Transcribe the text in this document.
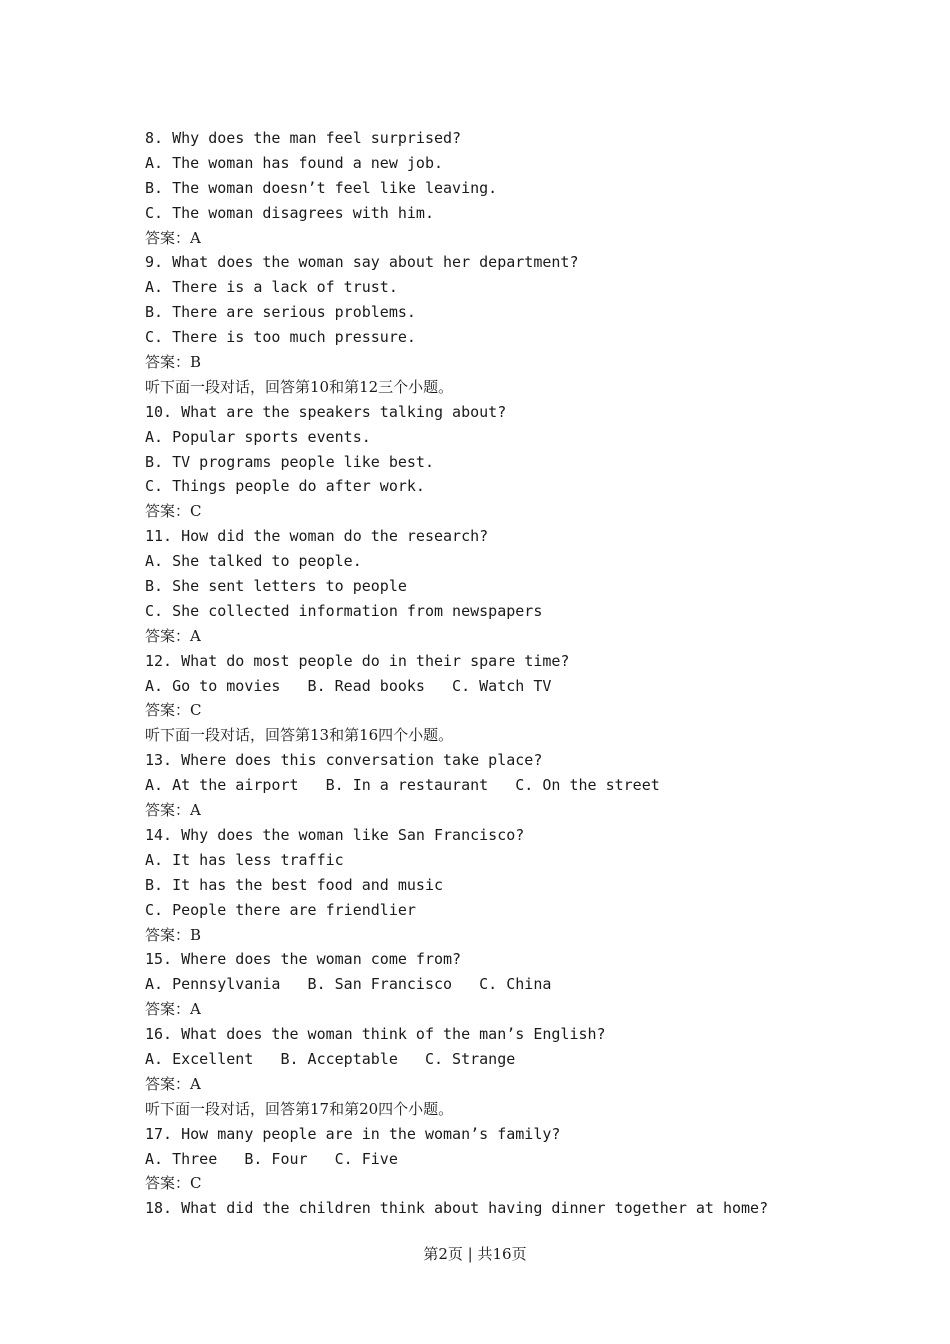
8. Why does the man feel surprised?
A. The woman has found a new job.
B. The woman doesn’t feel like leaving.
C. The woman disagrees with him.
答案：A
9. What does the woman say about her department?
A. There is a lack of trust.
B. There are serious problems.
C. There is too much pressure.
答案：B
听下面一段对话，回答第10和第12三个小题。
10. What are the speakers talking about?
A. Popular sports events.
B. TV programs people like best.
C. Things people do after work.
答案：C
11. How did the woman do the research?
A. She talked to people.
B. She sent letters to people
C. She collected information from newspapers
答案：A
12. What do most people do in their spare time?
A. Go to movies   B. Read books   C. Watch TV
答案：C
听下面一段对话，回答第13和第16四个小题。
13. Where does this conversation take place?
A. At the airport   B. In a restaurant   C. On the street
答案：A
14. Why does the woman like San Francisco?
A. It has less traffic
B. It has the best food and music
C. People there are friendlier
答案：B
15. Where does the woman come from?
A. Pennsylvania   B. San Francisco   C. China
答案：A
16. What does the woman think of the man’s English?
A. Excellent   B. Acceptable   C. Strange
答案：A
听下面一段对话，回答第17和第20四个小题。
17. How many people are in the woman’s family?
A. Three   B. Four   C. Five
答案：C
18. What did the children think about having dinner together at home?
第2页 | 共16页
